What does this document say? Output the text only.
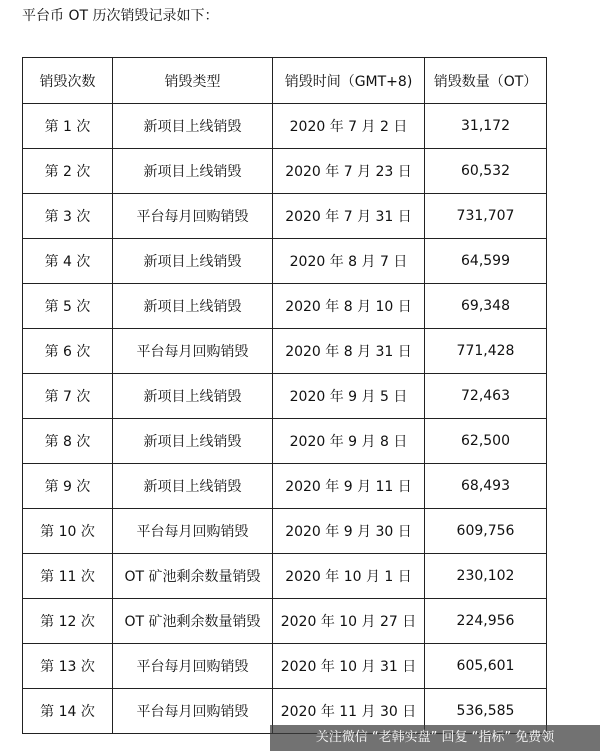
平台币 OT 历次销毁记录如下：
销毁次数	销毁类型	销毁时间（GMT+8)	销毁数量（OT）
第 1 次	新项目上线销毁	2020 年 7 月 2 日	31,172
第 2 次	新项目上线销毁	2020 年 7 月 23 日	60,532
第 3 次	平台每月回购销毁	2020 年 7 月 31 日	731,707
第 4 次	新项目上线销毁	2020 年 8 月 7 日	64,599
第 5 次	新项目上线销毁	2020 年 8 月 10 日	69,348
第 6 次	平台每月回购销毁	2020 年 8 月 31 日	771,428
第 7 次	新项目上线销毁	2020 年 9 月 5 日	72,463
第 8 次	新项目上线销毁	2020 年 9 月 8 日	62,500
第 9 次	新项目上线销毁	2020 年 9 月 11 日	68,493
第 10 次	平台每月回购销毁	2020 年 9 月 30 日	609,756
第 11 次	OT 矿池剩余数量销毁	2020 年 10 月 1 日	230,102
第 12 次	OT 矿池剩余数量销毁	2020 年 10 月 27 日	224,956
第 13 次	平台每月回购销毁	2020 年 10 月 31 日	605,601
第 14 次	平台每月回购销毁	2020 年 11 月 30 日	536,585
关注微信 “老韩实盘” 回复 “指标” 免费领
